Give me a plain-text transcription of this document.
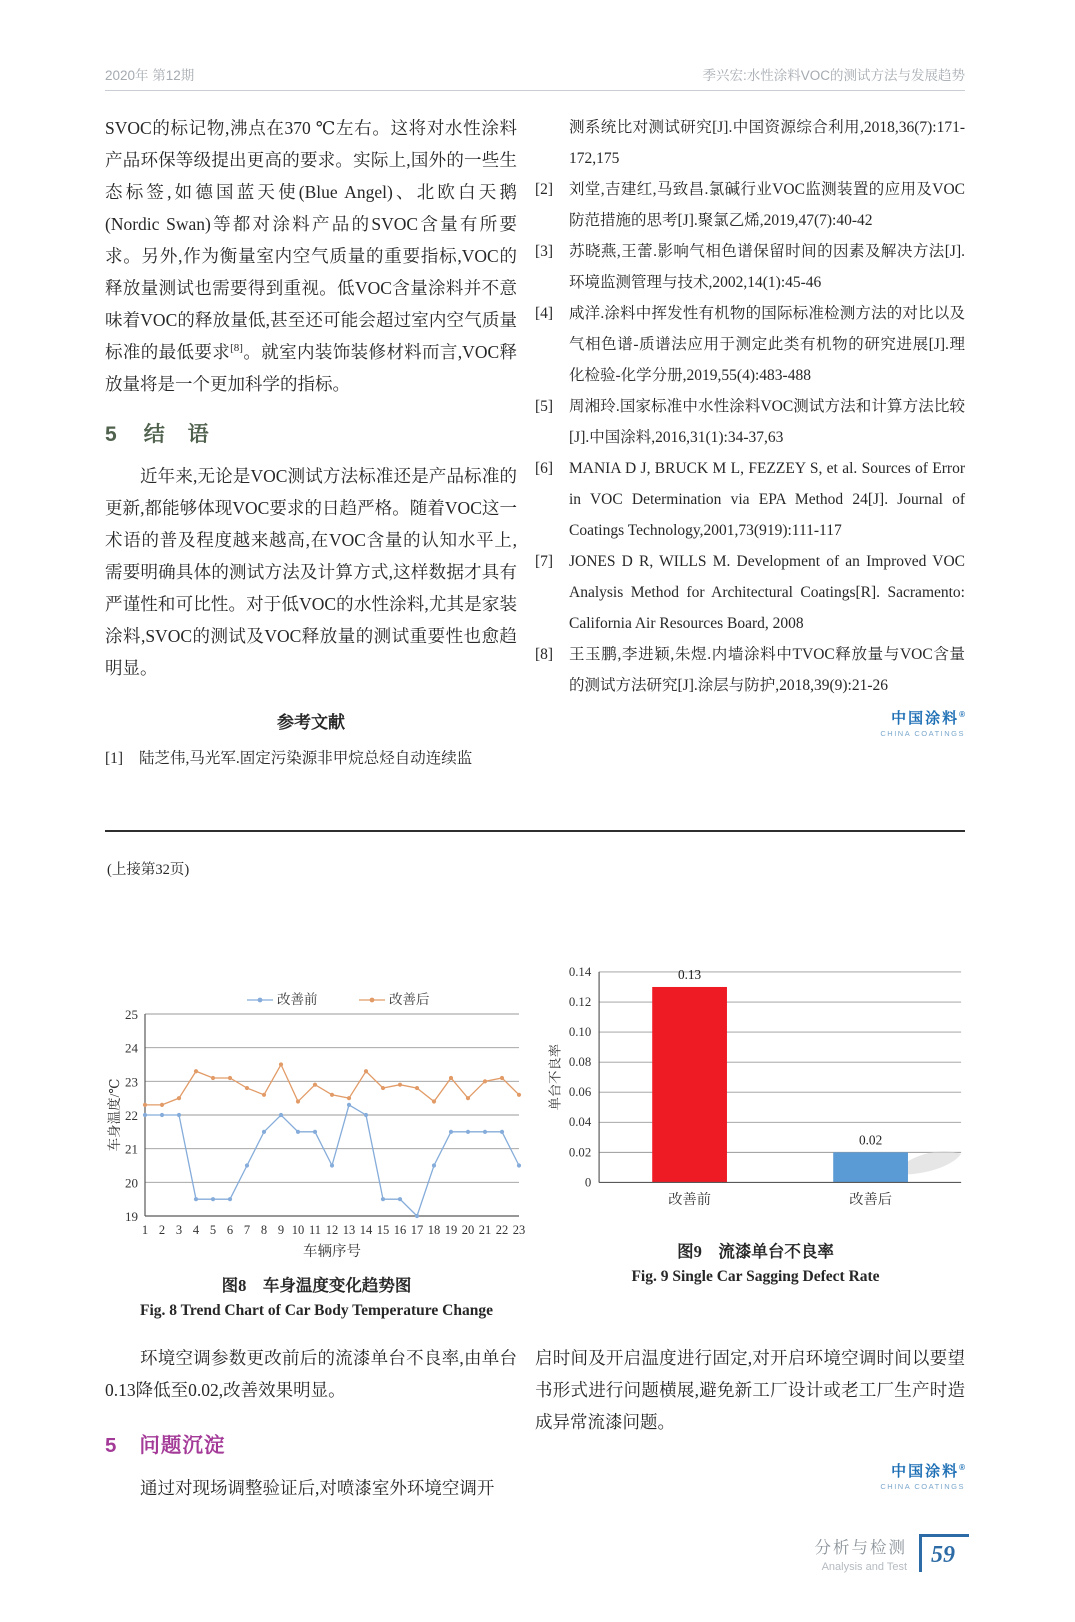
2020年 第12期	季兴宏:水性涂料VOC的测试方法与发展趋势

SVOC的标记物,沸点在370 ℃左右。这将对水性涂料产品环保等级提出更高的要求。实际上,国外的一些生态标签,如德国蓝天使(Blue Angel)、北欧白天鹅(Nordic Swan)等都对涂料产品的SVOC含量有所要求。另外,作为衡量室内空气质量的重要指标,VOC的释放量测试也需要得到重视。低VOC含量涂料并不意味着VOC的释放量低,甚至还可能会超过室内空气质量标准的最低要求[8]。就室内装饰装修材料而言,VOC释放量将是一个更加科学的指标。

5 结　语

近年来,无论是VOC测试方法标准还是产品标准的更新,都能够体现VOC要求的日趋严格。随着VOC这一术语的普及程度越来越高,在VOC含量的认知水平上,需要明确具体的测试方法及计算方式,这样数据才具有严谨性和可比性。对于低VOC的水性涂料,尤其是家装涂料,SVOC的测试及VOC释放量的测试重要性也愈趋明显。

参考文献
[1]	陆芝伟,马光军.固定污染源非甲烷总烃自动连续监
测系统比对测试研究[J].中国资源综合利用,2018,36(7):171-172,175
[2]	刘堂,吉建红,马致昌.氯碱行业VOC监测装置的应用及VOC防范措施的思考[J].聚氯乙烯,2019,47(7):40-42
[3]	苏晓燕,王蕾.影响气相色谱保留时间的因素及解决方法[J].环境监测管理与技术,2002,14(1):45-46
[4]	咸洋.涂料中挥发性有机物的国际标准检测方法的对比以及气相色谱-质谱法应用于测定此类有机物的研究进展[J].理化检验-化学分册,2019,55(4):483-488
[5]	周湘玲.国家标准中水性涂料VOC测试方法和计算方法比较[J].中国涂料,2016,31(1):34-37,63
[6]	MANIA D J, BRUCK M L, FEZZEY S, et al. Sources of Error in VOC Determination via EPA Method 24[J]. Journal of Coatings Technology,2001,73(919):111-117
[7]	JONES D R, WILLS M. Development of an Improved VOC Analysis Method for Architectural Coatings[R]. Sacramento: California Air Resources Board, 2008
[8]	王玉鹏,李进颖,朱煜.内墙涂料中TVOC释放量与VOC含量的测试方法研究[J].涂层与防护,2018,39(9):21-26
中国涂料®
CHINA COATINGS
(上接第32页)
19
20
21
22
23
24
25
1 2 3 4 5 6 7 8 9 10 11 12 13 14 15 16 17 18 19 20 21 22 23
改善前	改善后
车身温度/℃
车辆序号
图8　车身温度变化趋势图
Fig. 8 Trend Chart of Car Body Temperature Change
0
0.02
0.04
0.06
0.08
0.10
0.12
0.14	0.13
改善前
0.02
改善后
单台不良率
图9　流漆单台不良率
Fig. 9 Single Car Sagging Defect Rate

环境空调参数更改前后的流漆单台不良率,由单台0.13降低至0.02,改善效果明显。

5 问题沉淀

通过对现场调整验证后,对喷漆室外环境空调开

启时间及开启温度进行固定,对开启环境空调时间以要望书形式进行问题横展,避免新工厂设计或老工厂生产时造成异常流漆问题。

中国涂料®
CHINA COATINGS
分析与检测
Analysis and Test	59
